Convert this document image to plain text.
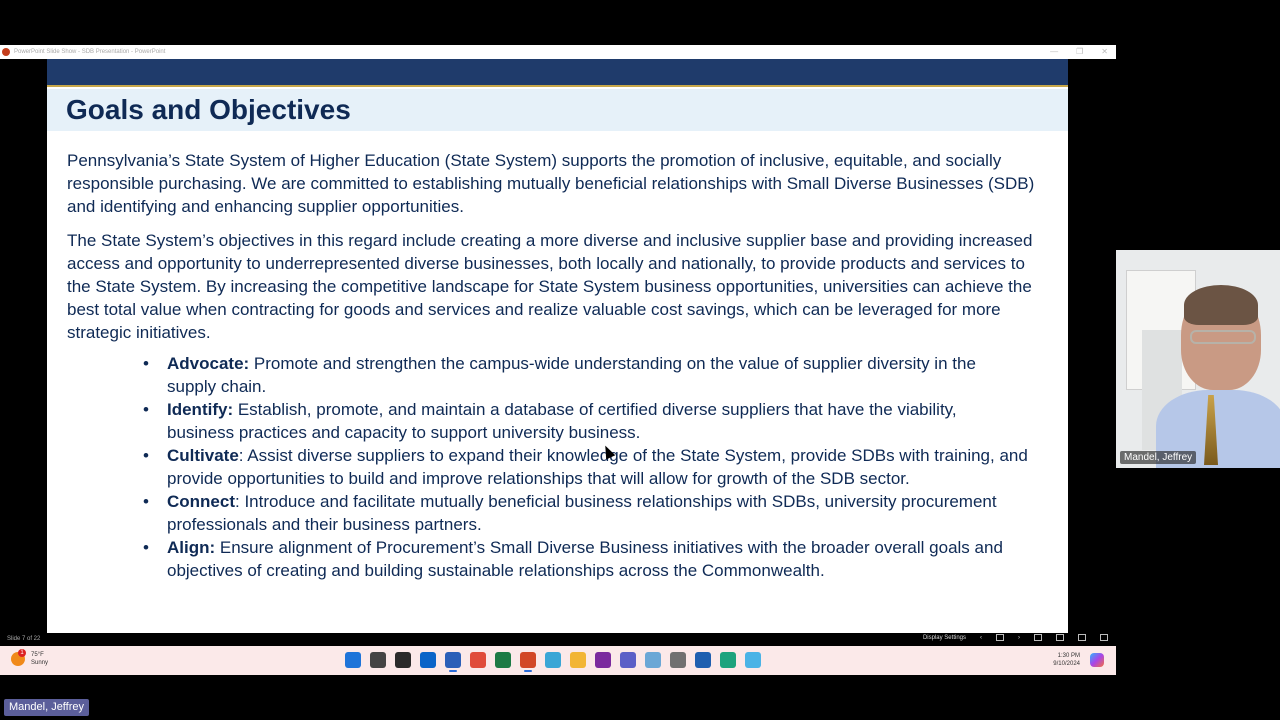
PowerPoint Slide Show - SDB Presentation - PowerPoint	— ❐ ✕
Goals and Objectives

Pennsylvania’s State System of Higher Education (State System) supports the promotion of inclusive, equitable, and socially responsible purchasing. We are committed to establishing mutually beneficial relationships with Small Diverse Businesses (SDB) and identifying and enhancing supplier opportunities.

The State System’s objectives in this regard include creating a more diverse and inclusive supplier base and providing increased access and opportunity to underrepresented diverse businesses, both locally and nationally, to provide products and services to the State System. By increasing the competitive landscape for State System business opportunities, universities can achieve the best total value when contracting for goods and services and realize valuable cost savings, which can be leveraged for more strategic initiatives.

• Advocate: Promote and strengthen the campus-wide understanding on the value of supplier diversity in the supply chain.
• Identify: Establish, promote, and maintain a database of certified diverse suppliers that have the viability, business practices and capacity to support university business.
• Cultivate: Assist diverse suppliers to expand their knowledge of the State System, provide SDBs with training, and provide opportunities to build and improve relationships that will allow for growth of the SDB sector.
• Connect: Introduce and facilitate mutually beneficial business relationships with SDBs, university procurement professionals and their business partners.
• Align: Ensure alignment of Procurement’s Small Diverse Business initiatives with the broader overall goals and objectives of creating and building sustainable relationships across the Commonwealth.
Slide 7 of 22	Display Settings ‹	›
1	75°F
Sunny
1:30 PM
9/10/2024
Mandel, Jeffrey
Mandel, Jeffrey
